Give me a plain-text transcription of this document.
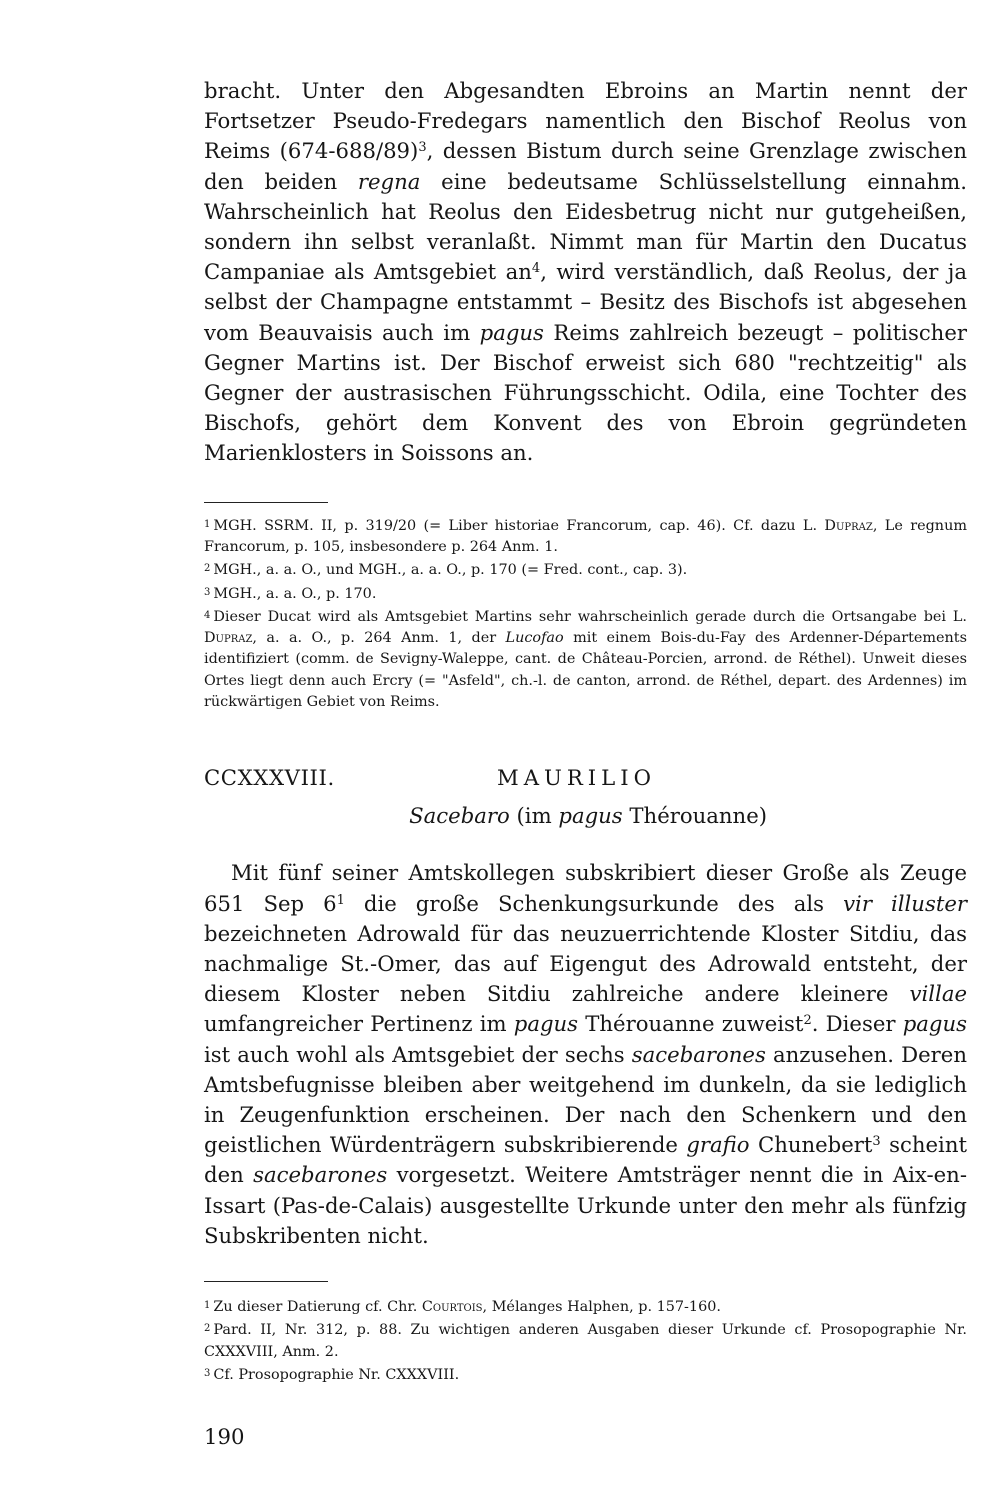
bracht. Unter den Abgesandten Ebroins an Martin nennt der Fortsetzer Pseudo-Fredegars namentlich den Bischof Reolus von Reims $(674-688/89)^3$, dessen Bistum durch seine Grenzlage zwischen den beiden regna eine bedeutsame Schlüsselstellung einnahm. Wahrscheinlich hat Reolus den Eidesbetrug nicht nur gutgeheißen, sondern ihn selbst veranlaßt. Nimmt man für Martin den Ducatus Campaniae als Amtsgebiet $an^4$, wird verständlich, daß Reolus, der ja selbst der Champagne entstammt – Besitz des Bischofs ist abgesehen vom Beauvaisis auch im pagus Reims zahlreich bezeugt – politischer Gegner Martins ist. Der Bischof erweist sich 680 "rechtzeitig" als Gegner der austrasischen Führungsschicht. Odila, eine Tochter des Bischofs, gehört dem Konvent des von Ebroin gegründeten Marienklosters in Soissons an.

$^1$ MGH. SSRM. II, p. 319/20 (= Liber historiae Francorum, cap. 46). Cf. dazu L. Dupraz, Le regnum Francorum, p. 105, insbesondere p. 264 Anm. 1.

$^2$ MGH., a. a. O., und MGH., a. a. O., p. 170 (= Fred. cont., cap. 3).

$^3$ MGH., a. a. O., p. 170.

$^4$ Dieser Ducat wird als Amtsgebiet Martins sehr wahrscheinlich gerade durch die Ortsangabe bei L. Dupraz, a. a. O., p. 264 Anm. 1, der Lucofao mit einem Bois-du-Fay des Ardenner-Départements identifiziert (comm. de Sevigny-Waleppe, cant. de Château-Porcien, arrond. de Réthel). Unweit dieses Ortes liegt denn auch Ercry (= "Asfeld", ch.-l. de canton, arrond. de Réthel, depart. des Ardennes) im rückwärtigen Gebiet von Reims.

CCXXXVIII.	MAURILIO
Sacebaro (im pagus Thérouanne)

Mit fünf seiner Amtskollegen subskribiert dieser Große als Zeuge 651 Sep $6^1$ die große Schenkungsurkunde des als vir illuster bezeichneten Adrowald für das neuzuerrichtende Kloster Sitdiu, das nachmalige St.-Omer, das auf Eigengut des Adrowald entsteht, der diesem Kloster neben Sitdiu zahlreiche andere kleinere villae umfangreicher Pertinenz im pagus Thérouanne zuweist$^2$. Dieser pagus ist auch wohl als Amtsgebiet der sechs sacebarones anzusehen. Deren Amtsbefugnisse bleiben aber weitgehend im dunkeln, da sie lediglich in Zeugenfunktion erscheinen. Der nach den Schenkern und den geistlichen Würdenträgern subskribierende grafio Chunebert$^3$ scheint den sacebarones vorgesetzt. Weitere Amtsträger nennt die in Aix-en-Issart (Pas-de-Calais) ausgestellte Urkunde unter den mehr als fünfzig Subskribenten nicht.

$^1$ Zu dieser Datierung cf. Chr. Courtois, Mélanges Halphen, p. 157-160.

$^2$ Pard. II, Nr. 312, p. 88. Zu wichtigen anderen Ausgaben dieser Urkunde cf. Prosopographie Nr. CXXXVIII, Anm. 2.

$^3$ Cf. Prosopographie Nr. CXXXVIII.

190
